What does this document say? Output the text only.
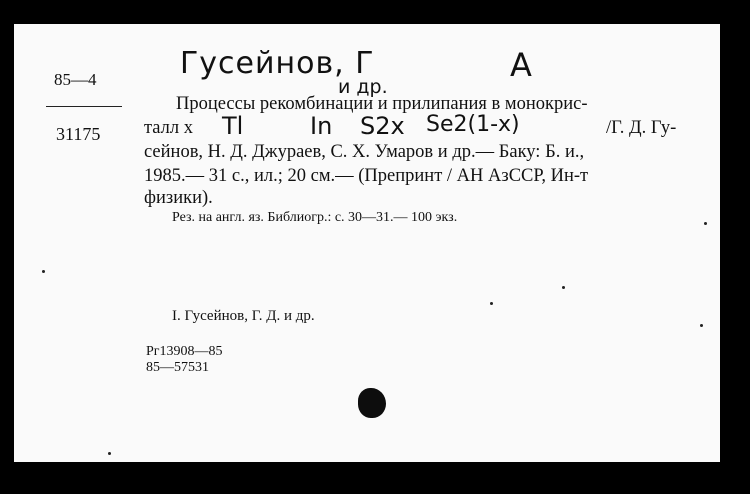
85—4
31175
Гусейнов, Г
и др.
А
Процессы рекомбинации и прилипания в монокрис-
талл х Tl	In S2x Se2(1-x)	/Г. Д. Гу-
сейнов, Н. Д. Джураев, С. Х. Умаров и др.— Баку: Б. и.,
1985.— 31 с., ил.; 20 см.— (Препринт / АН АзССР, Ин-т
физики).
Рез. на англ. яз. Библиогр.: с. 30—31.— 100 экз.
I. Гусейнов, Г. Д. и др.
Рг13908—85
85—57531
